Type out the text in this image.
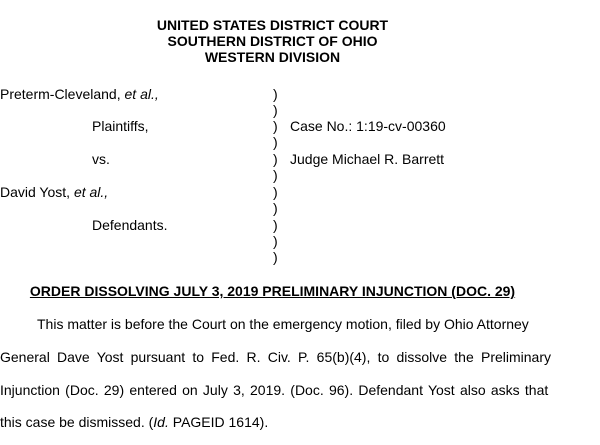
UNITED STATES DISTRICT COURT
SOUTHERN DISTRICT OF OHIO
WESTERN DIVISION
Preterm-Cleveland, et al.,
Plaintiffs,
vs.
David Yost, et al.,
Defendants.
)
)
)
)
)
)
)
)
)
)
)
Case No.: 1:19-cv-00360
Judge Michael R. Barrett
ORDER DISSOLVING JULY 3, 2019 PRELIMINARY INJUNCTION (DOC. 29)
This matter is before the Court on the emergency motion, filed by Ohio Attorney
General Dave Yost pursuant to Fed. R. Civ. P. 65(b)(4), to dissolve the Preliminary
Injunction (Doc. 29) entered on July 3, 2019. (Doc. 96). Defendant Yost also asks that
this case be dismissed. (Id. PAGEID 1614).
